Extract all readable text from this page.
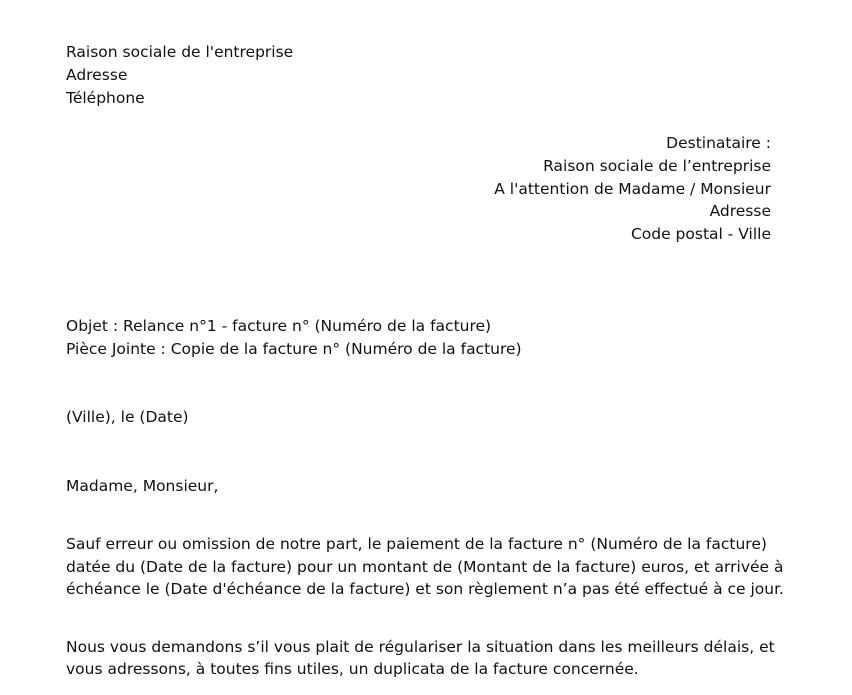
Raison sociale de l'entreprise
Adresse
Téléphone
Destinataire :
Raison sociale de l’entreprise
A l'attention de Madame / Monsieur
Adresse
Code postal - Ville
Objet : Relance n°1 - facture n° (Numéro de la facture)
Pièce Jointe : Copie de la facture n° (Numéro de la facture)
(Ville), le (Date)
Madame, Monsieur,
Sauf erreur ou omission de notre part, le paiement de la facture n° (Numéro de la facture)
datée du (Date de la facture) pour un montant de (Montant de la facture) euros, et arrivée à
échéance le (Date d'échéance de la facture) et son règlement n’a pas été effectué à ce jour.
Nous vous demandons s’il vous plait de régulariser la situation dans les meilleurs délais, et
vous adressons, à toutes fins utiles, un duplicata de la facture concernée.
